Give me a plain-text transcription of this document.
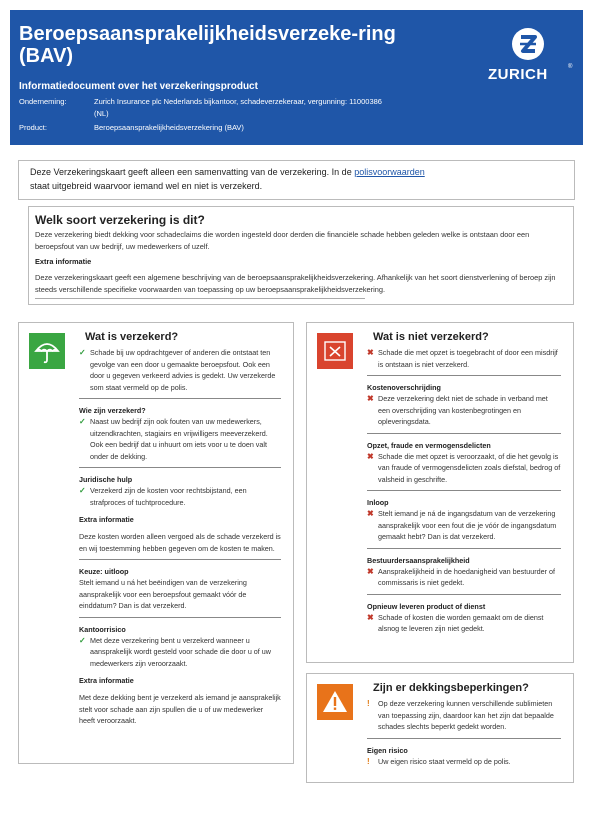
Beroepsaansprakelijkheidsverzeke-ring (BAV)
Informatiedocument over het verzekeringsproduct
Onderneming:	Zurich Insurance plc Nederlands bijkantoor, schadeverzekeraar, vergunning: 11000386 (NL)
Product:	Beroepsaansprakelijkheidsverzekering (BAV)
ZURICH	®
Deze Verzekeringskaart geeft alleen een samenvatting van de verzekering. In de polisvoorwaarden
staat uitgebreid waarvoor iemand wel en niet is verzekerd.
Welk soort verzekering is dit?

Deze verzekering biedt dekking voor schadeclaims die worden ingesteld door derden die financiële schade hebben geleden welke is ontstaan door een beroepsfout van uw bedrijf, uw medewerkers of uzelf.

Extra informatie

Deze verzekeringskaart geeft een algemene beschrijving van de beroepsaansprakelijkheidsverzekering. Afhankelijk van het soort dienstverlening of beroep zijn steeds verschillende specifieke voorwaarden van toepassing op uw beroepsaansprakelijkheidsverzekering.

Wat is verzekerd?
✓ Schade bij uw opdrachtgever of anderen die ontstaat ten gevolge van een door u gemaakte beroepsfout. Ook een door u gegeven verkeerd advies is gedekt. Uw verzekerde som staat vermeld op de polis.
Wie zijn verzekerd?
✓ Naast uw bedrijf zijn ook fouten van uw medewerkers, uitzendkrachten, stagiairs en vrijwilligers meeverzekerd. Ook een bedrijf dat u inhuurt om iets voor u te doen valt onder de dekking.
Juridische hulp
✓ Verzekerd zijn de kosten voor rechtsbijstand, een strafproces of tuchtprocedure.
Extra informatie
Deze kosten worden alleen vergoed als de schade verzekerd is en wij toestemming hebben gegeven om de kosten te maken.
Keuze: uitloop
Stelt iemand u ná het beëindigen van de verzekering aansprakelijk voor een beroepsfout gemaakt vóór de einddatum? Dan is dat verzekerd.
Kantoorrisico
✓ Met deze verzekering bent u verzekerd wanneer u aansprakelijk wordt gesteld voor schade die door u of uw medewerkers zijn veroorzaakt.
Extra informatie
Met deze dekking bent je verzekerd als iemand je aansprakelijk stelt voor schade aan zijn spullen die u of uw medewerker heeft veroorzaakt.
Wat is niet verzekerd?
✖ Schade die met opzet is toegebracht of door een misdrijf is ontstaan is niet verzekerd.
Kostenoverschrijding
✖ Deze verzekering dekt niet de schade in verband met een overschrijding van kostenbegrotingen en opleveringsdata.
Opzet, fraude en vermogensdelicten
✖ Schade die met opzet is veroorzaakt, of die het gevolg is van fraude of vermogensdelicten zoals diefstal, bedrog of valsheid in geschrifte.
Inloop
✖ Stelt iemand je ná de ingangsdatum van de verzekering aansprakelijk voor een fout die je vóór de ingangsdatum gemaakt hebt? Dan is dat verzekerd.
Bestuurdersaansprakelijkheid
✖ Aansprakelijkheid in de hoedanigheid van bestuurder of commissaris is niet gedekt.
Opnieuw leveren product of dienst
✖ Schade of kosten die worden gemaakt om de dienst alsnog te leveren zijn niet gedekt.
Zijn er dekkingsbeperkingen?
! Op deze verzekering kunnen verschillende sublimieten van toepassing zijn, daardoor kan het zijn dat bepaalde schades slechts beperkt gedekt worden.
Eigen risico
! Uw eigen risico staat vermeld op de polis.
